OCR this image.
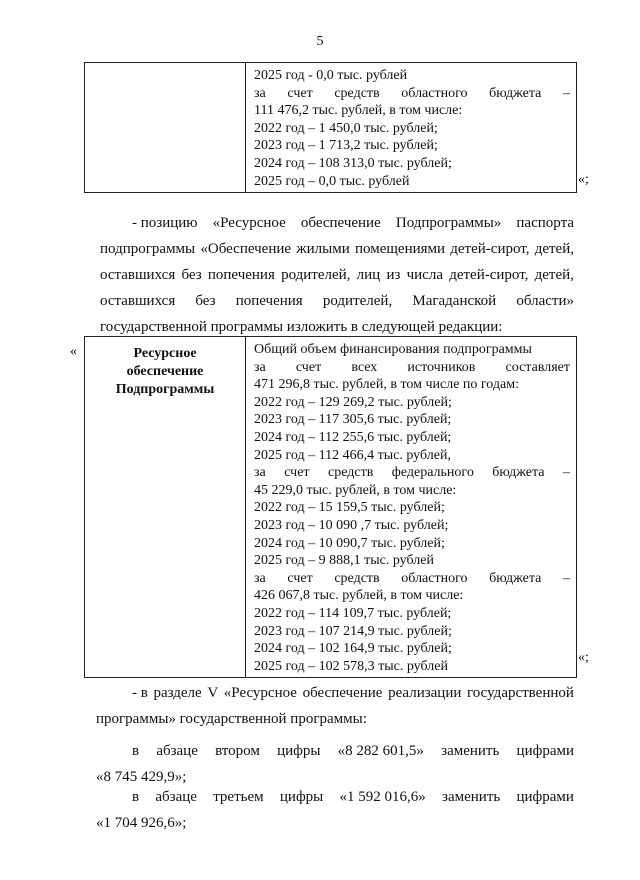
5

2025 год - 0,0 тыс. рублей
за счет средств областного бюджета –
111 476,2 тыс. рублей, в том числе:
2022 год – 1 450,0 тыс. рублей;
2023 год – 1 713,2 тыс. рублей;
2024 год – 108 313,0 тыс. рублей;
2025 год – 0,0 тыс. рублей	«;
- позицию «Ресурсное обеспечение Подпрограммы» паспорта
подпрограммы «Обеспечение жилыми помещениями детей-сирот, детей,
оставшихся без попечения родителей, лиц из числа детей-сирот, детей,
оставшихся без попечения родителей, Магаданской области»
государственной программы изложить в следующей редакции:
«	Ресурсное
обеспечение
Подпрограммы

Общий объем финансирования подпрограммы
за счет всех источников составляет
471 296,8 тыс. рублей, в том числе по годам:
2022 год – 129 269,2 тыс. рублей;
2023 год – 117 305,6 тыс. рублей;
2024 год – 112 255,6 тыс. рублей;
2025 год – 112 466,4 тыс. рублей,
за счет средств федерального бюджета –
45 229,0 тыс. рублей, в том числе:
2022 год – 15 159,5 тыс. рублей;
2023 год – 10 090 ,7 тыс. рублей;
2024 год – 10 090,7 тыс. рублей;
2025 год – 9 888,1 тыс. рублей
за счет средств областного бюджета –
426 067,8 тыс. рублей, в том числе:
2022 год – 114 109,7 тыс. рублей;
2023 год – 107 214,9 тыс. рублей;
2024 год – 102 164,9 тыс. рублей;
2025 год – 102 578,3 тыс. рублей
«;
- в разделе V «Ресурсное обеспечение реализации государственной
программы» государственной программы:
в абзаце втором цифры «8 282 601,5» заменить цифрами
«8 745 429,9»;
в абзаце третьем цифры «1 592 016,6» заменить цифрами
«1 704 926,6»;
